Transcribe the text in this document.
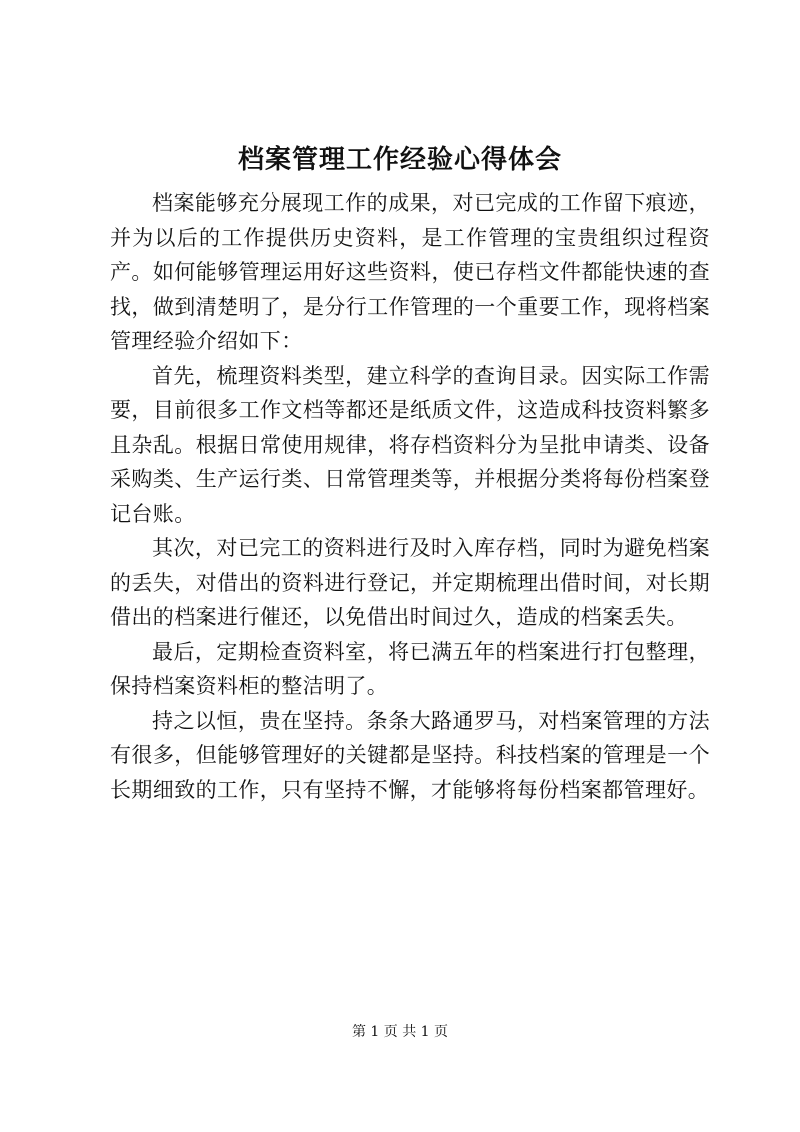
档案管理工作经验心得体会

档案能够充分展现工作的成果，对已完成的工作留下痕迹，并为以后的工作提供历史资料，是工作管理的宝贵组织过程资产。如何能够管理运用好这些资料，使已存档文件都能快速的查找，做到清楚明了，是分行工作管理的一个重要工作，现将档案管理经验介绍如下：

首先，梳理资料类型，建立科学的查询目录。因实际工作需要，目前很多工作文档等都还是纸质文件，这造成科技资料繁多且杂乱。根据日常使用规律，将存档资料分为呈批申请类、设备采购类、生产运行类、日常管理类等，并根据分类将每份档案登记台账。

其次，对已完工的资料进行及时入库存档，同时为避免档案的丢失，对借出的资料进行登记，并定期梳理出借时间，对长期借出的档案进行催还，以免借出时间过久，造成的档案丢失。

最后，定期检查资料室，将已满五年的档案进行打包整理，保持档案资料柜的整洁明了。

持之以恒，贵在坚持。条条大路通罗马，对档案管理的方法有很多，但能够管理好的关键都是坚持。科技档案的管理是一个长期细致的工作，只有坚持不懈，才能够将每份档案都管理好。

第 1 页 共 1 页
